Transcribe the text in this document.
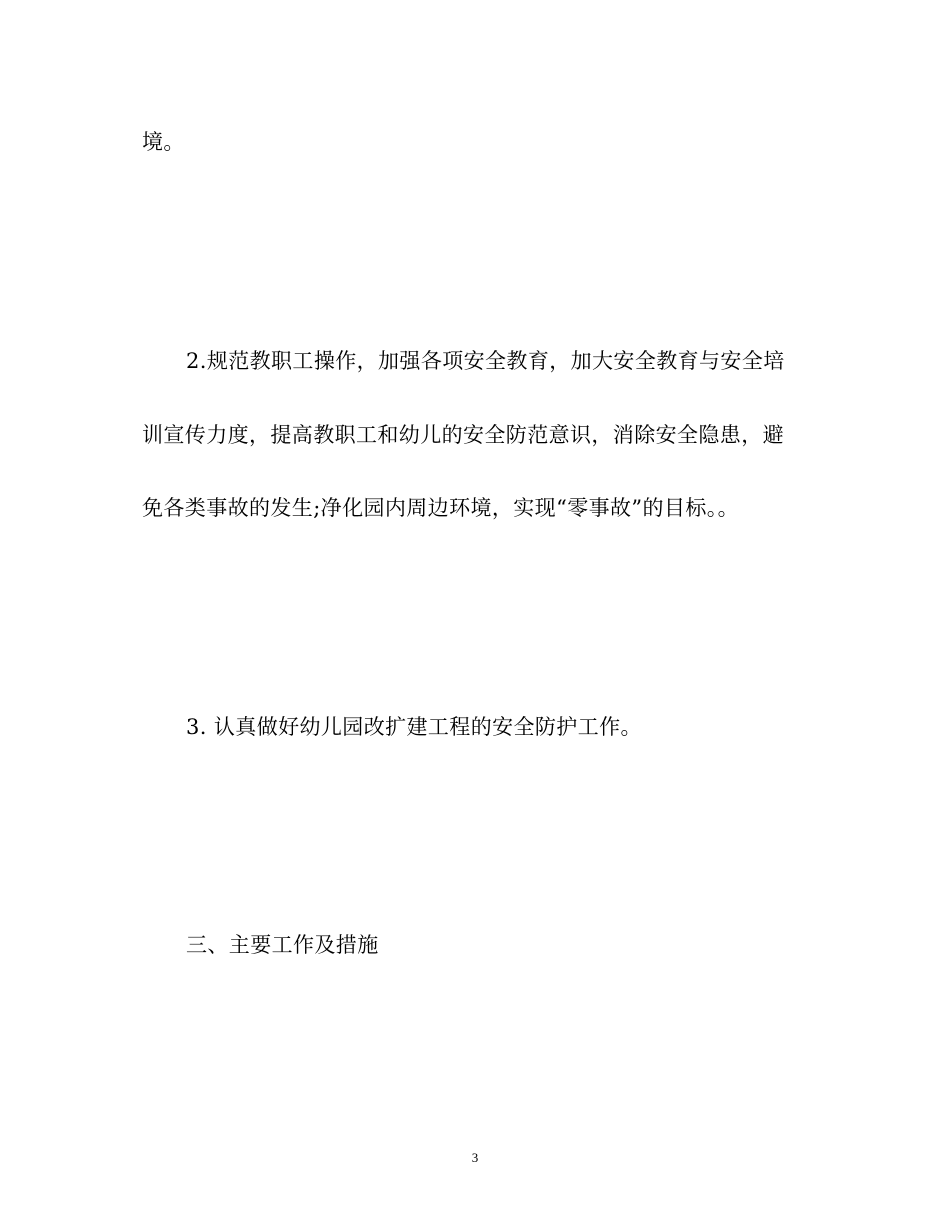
境。
2.规范教职工操作，加强各项安全教育，加大安全教育与安全培
训宣传力度，提高教职工和幼儿的安全防范意识，消除安全隐患，避
免各类事故的发生;净化园内周边环境，实现“零事故”的目标。。
3. 认真做好幼儿园改扩建工程的安全防护工作。
三、主要工作及措施
3
